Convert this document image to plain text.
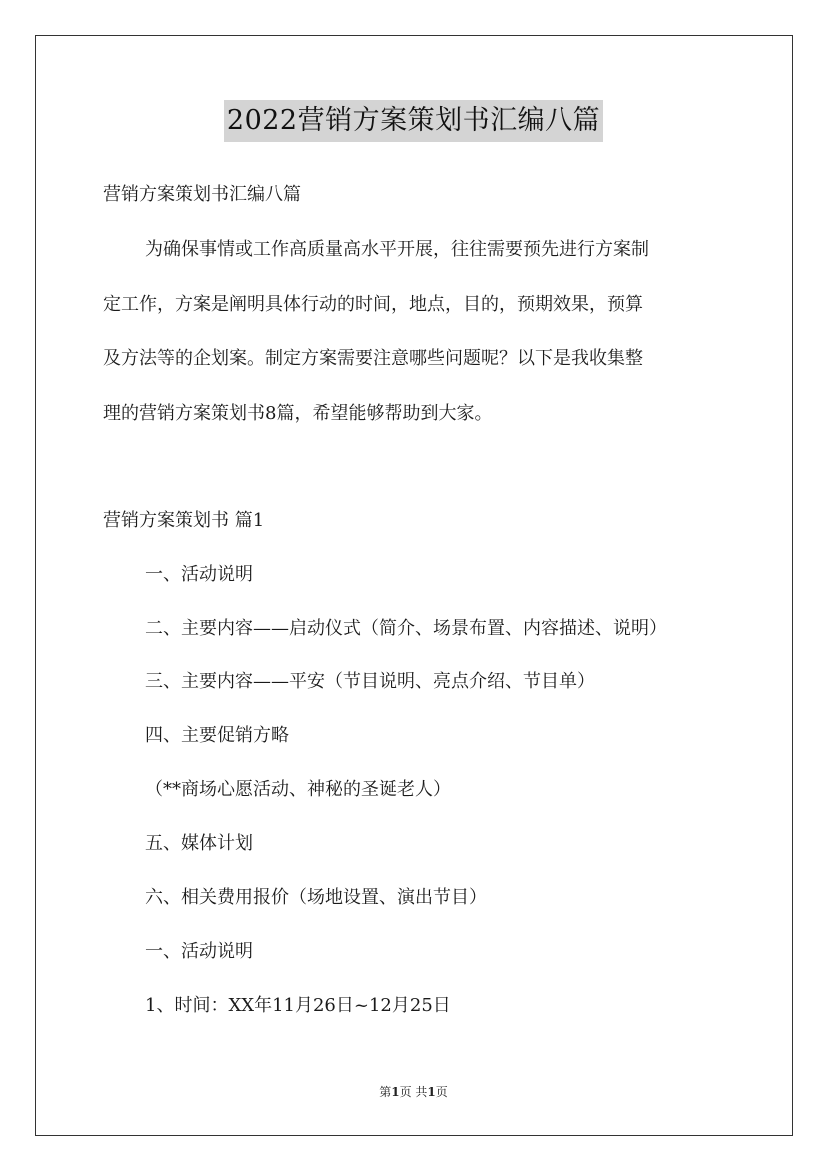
2022营销方案策划书汇编八篇
营销方案策划书汇编八篇
为确保事情或工作高质量高水平开展，往往需要预先进行方案制
定工作，方案是阐明具体行动的时间，地点，目的，预期效果，预算
及方法等的企划案。制定方案需要注意哪些问题呢？以下是我收集整
理的营销方案策划书8篇，希望能够帮助到大家。
营销方案策划书 篇1
一、活动说明
二、主要内容——启动仪式（简介、场景布置、内容描述、说明）
三、主要内容——平安（节目说明、亮点介绍、节目单）
四、主要促销方略
（**商场心愿活动、神秘的圣诞老人）
五、媒体计划
六、相关费用报价（场地设置、演出节目）
一、活动说明
1、时间：XX年11月26日~12月25日
第1页 共1页
